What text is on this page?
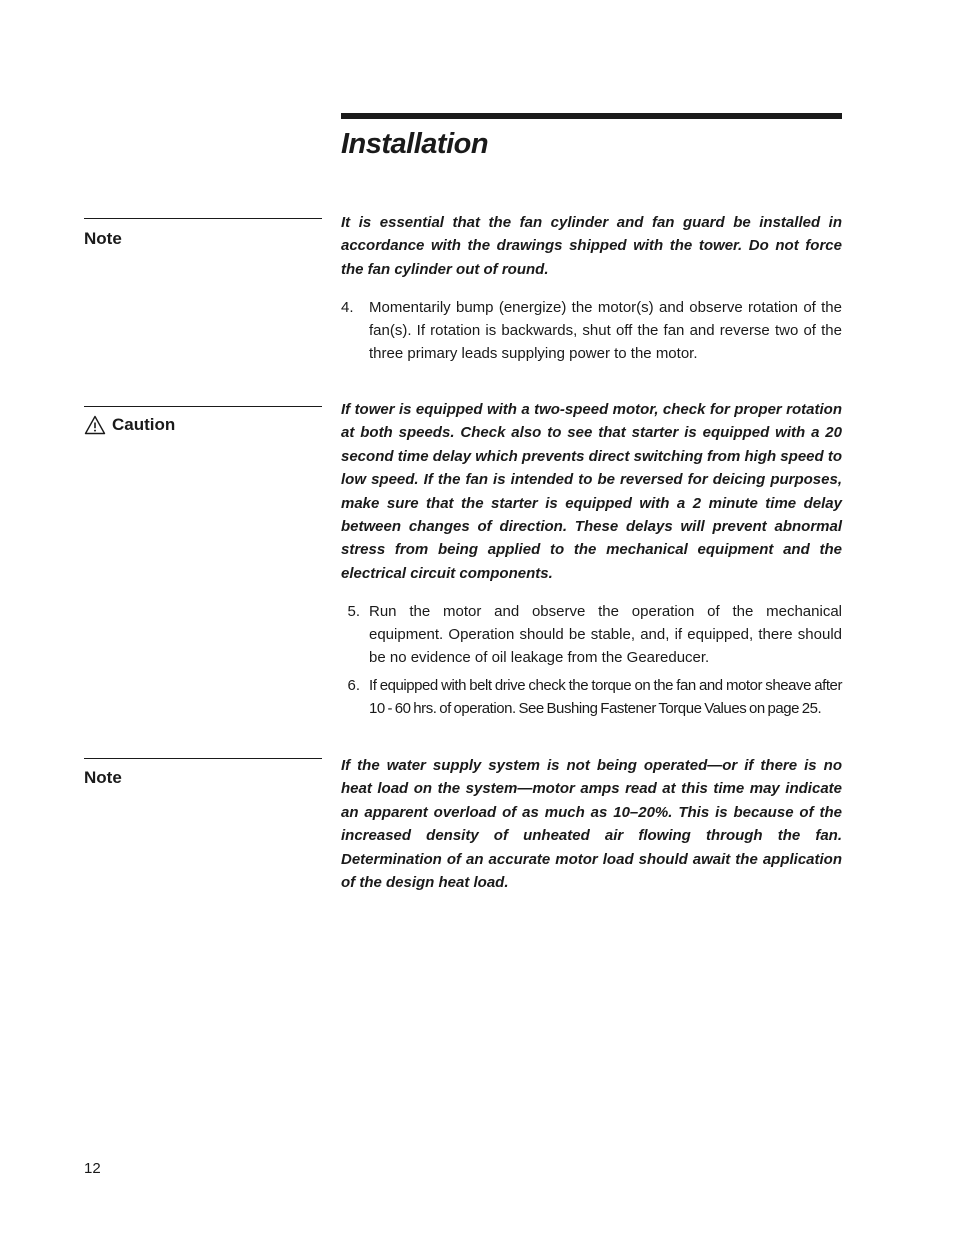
Installation
Note
It is essential that the fan cylinder and fan guard be installed in accordance with the drawings shipped with the tower. Do not force the fan cylinder out of round.
4.	Momentarily bump (energize) the motor(s) and observe rotation of the fan(s). If rotation is backwards, shut off the fan and reverse two of the three primary leads supplying power to the motor.
Caution
If tower is equipped with a two-speed motor, check for proper rotation at both speeds. Check also to see that starter is equipped with a 20 second time delay which prevents direct switching from high speed to low speed. If the fan is intended to be reversed for deicing purposes, make sure that the starter is equipped with a 2 minute time delay between changes of direction. These delays will prevent abnormal stress from being applied to the mechanical equipment and the electrical circuit components.
5. Run the motor and observe the operation of the mechanical equipment. Operation should be stable, and, if equipped, there should be no evidence of oil leakage from the Geareducer.
6. If equipped with belt drive check the torque on the fan and motor sheave after 10 - 60 hrs. of operation. See Bushing Fastener Torque Values on page 25.
Note
If the water supply system is not being operated—or if there is no heat load on the system—motor amps read at this time may indicate an apparent overload of as much as 10–20%. This is because of the increased density of unheated air flowing through the fan. Determination of an accurate motor load should await the application of the design heat load.
12
